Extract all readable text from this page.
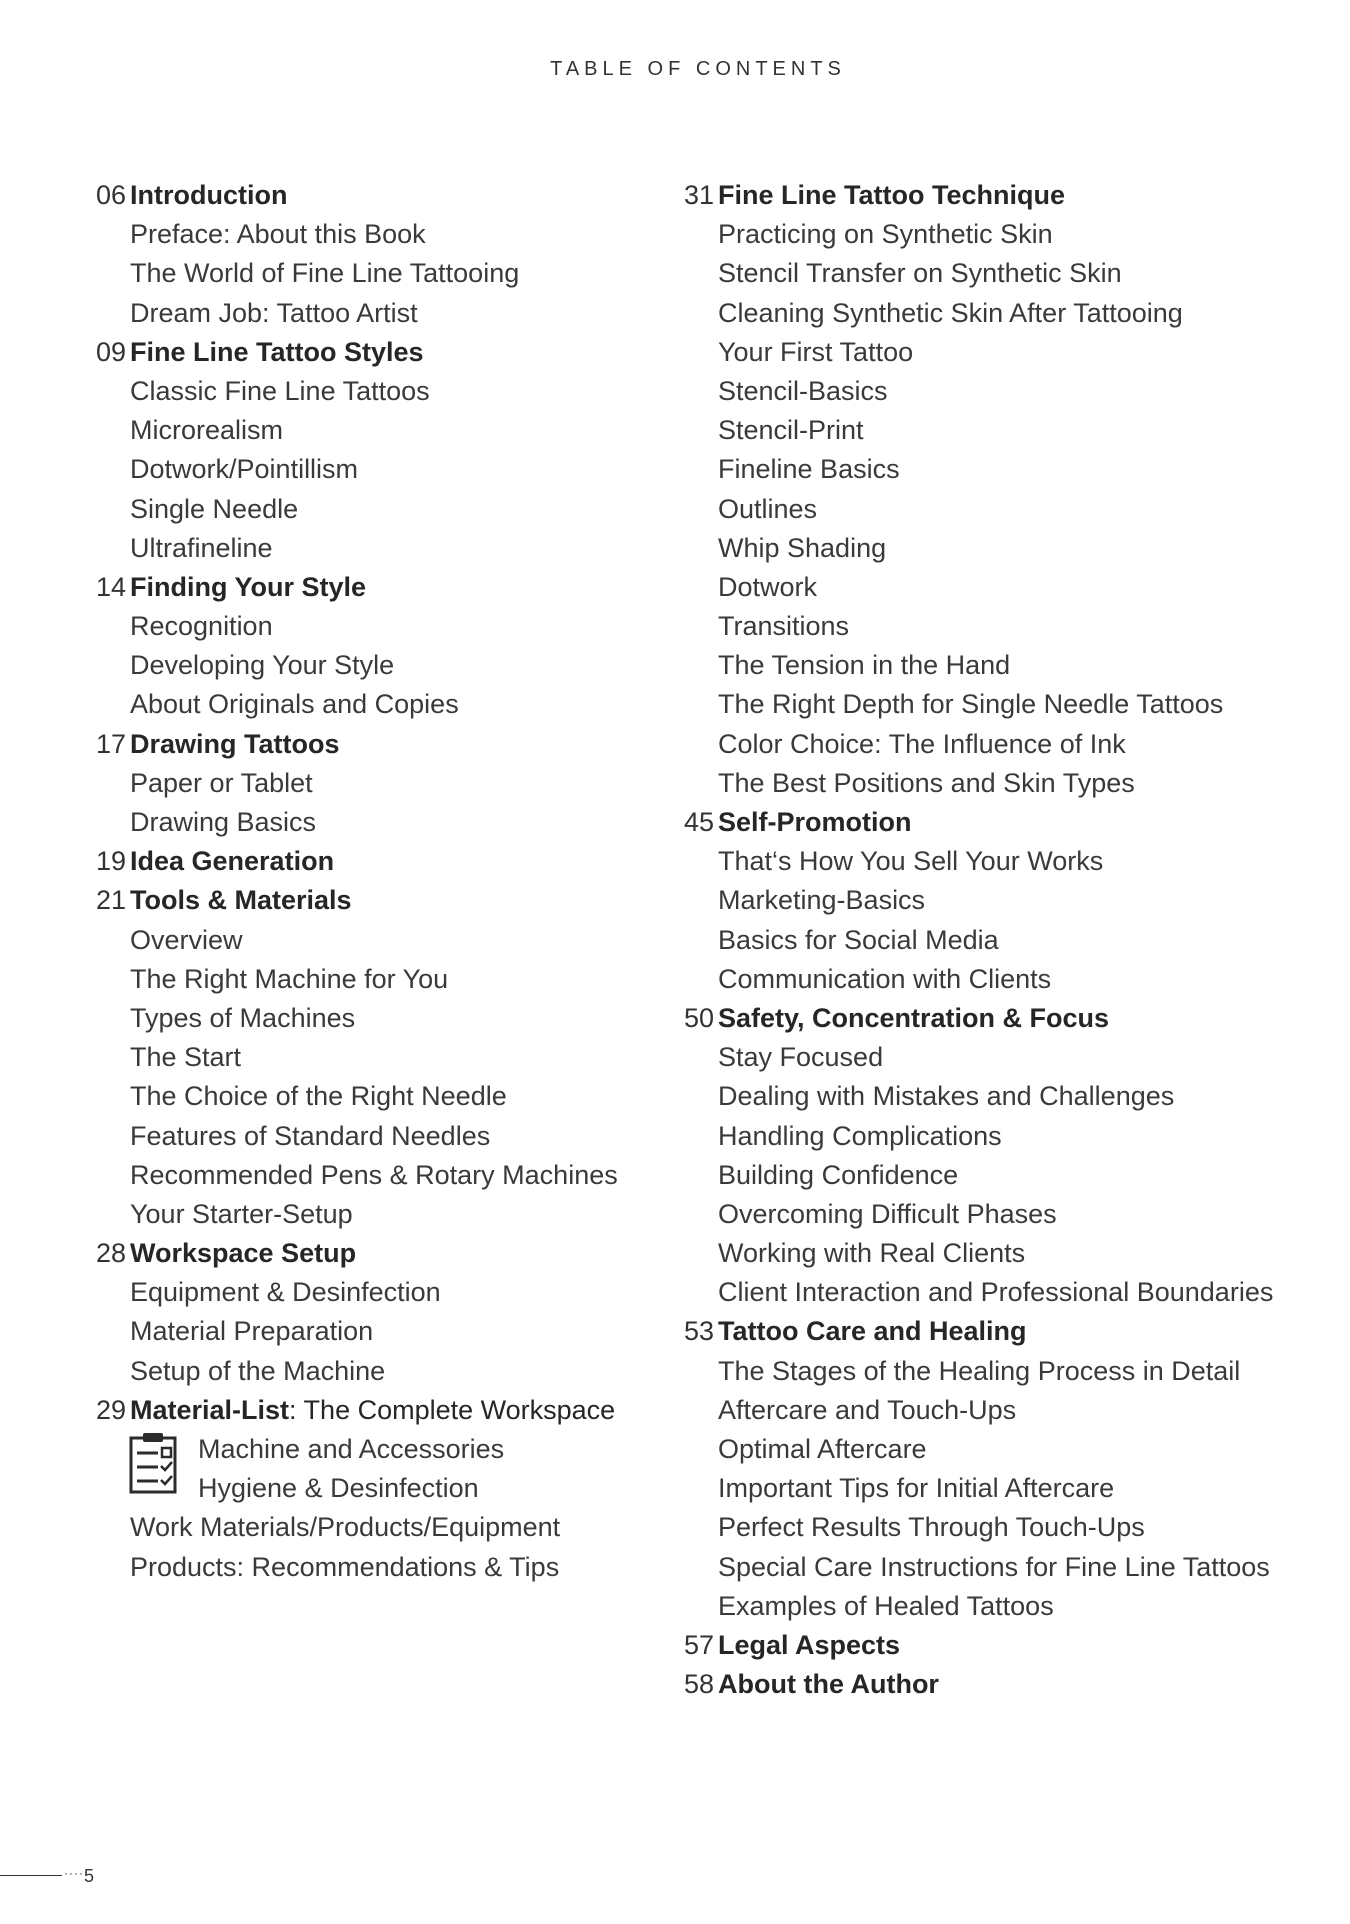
TABLE OF CONTENTS
06 Introduction
Preface: About this Book
The World of Fine Line Tattooing
Dream Job: Tattoo Artist
09 Fine Line Tattoo Styles
Classic Fine Line Tattoos
Microrealism
Dotwork/Pointillism
Single Needle
Ultrafineline
14 Finding Your Style
Recognition
Developing Your Style
About Originals and Copies
17 Drawing Tattoos
Paper or Tablet
Drawing Basics
19 Idea Generation
21 Tools & Materials
Overview
The Right Machine for You
Types of Machines
The Start
The Choice of the Right Needle
Features of Standard Needles
Recommended Pens & Rotary Machines
Your Starter-Setup
28 Workspace Setup
Equipment & Desinfection
Material Preparation
Setup of the Machine
29 Material-List: The Complete Workspace
Machine and Accessories
Hygiene & Desinfection
Work Materials/Products/Equipment
Products: Recommendations & Tips
31 Fine Line Tattoo Technique
Practicing on Synthetic Skin
Stencil Transfer on Synthetic Skin
Cleaning Synthetic Skin After Tattooing
Your First Tattoo
Stencil-Basics
Stencil-Print
Fineline Basics
Outlines
Whip Shading
Dotwork
Transitions
The Tension in the Hand
The Right Depth for Single Needle Tattoos
Color Choice: The Influence of Ink
The Best Positions and Skin Types
45 Self-Promotion
That‘s How You Sell Your Works
Marketing-Basics
Basics for Social Media
Communication with Clients
50 Safety, Concentration & Focus
Stay Focused
Dealing with Mistakes and Challenges
Handling Complications
Building Confidence
Overcoming Difficult Phases
Working with Real Clients
Client Interaction and Professional Boundaries
53 Tattoo Care and Healing
The Stages of the Healing Process in Detail
Aftercare and Touch-Ups
Optimal Aftercare
Important Tips for Initial Aftercare
Perfect Results Through Touch-Ups
Special Care Instructions for Fine Line Tattoos
Examples of Healed Tattoos
57 Legal Aspects
58 About the Author
···· 5
